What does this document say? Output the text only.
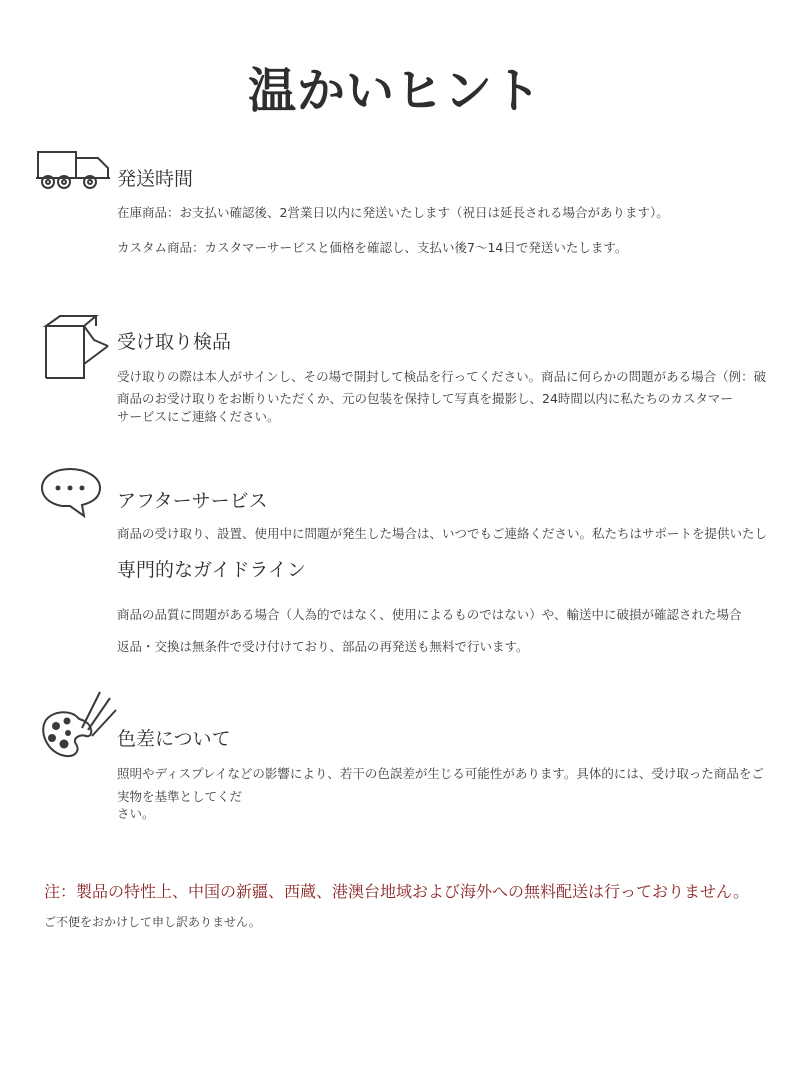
温かいヒント
発送時間
在庫商品：お支払い確認後、2営業日以内に発送いたします（祝日は延長される場合があります）。
カスタム商品：カスタマーサービスと価格を確認し、支払い後7〜14日で発送いたします。
受け取り検品
受け取りの際は本人がサインし、その場で開封して検品を行ってください。商品に何らかの問題がある場合（例：破
商品のお受け取りをお断りいただくか、元の包装を保持して写真を撮影し、24時間以内に私たちのカスタマー
サービスにご連絡ください。
アフターサービス
商品の受け取り、設置、使用中に問題が発生した場合は、いつでもご連絡ください。私たちはサポートを提供いたし
専門的なガイドライン
商品の品質に問題がある場合（人為的ではなく、使用によるものではない）や、輸送中に破損が確認された場合
返品・交換は無条件で受け付けており、部品の再発送も無料で行います。
色差について
照明やディスプレイなどの影響により、若干の色誤差が生じる可能性があります。具体的には、受け取った商品をご
実物を基準としてくだ
さい。
注：製品の特性上、中国の新疆、西蔵、港澳台地域および海外への無料配送は行っておりません。
ご不便をおかけして申し訳ありません。
